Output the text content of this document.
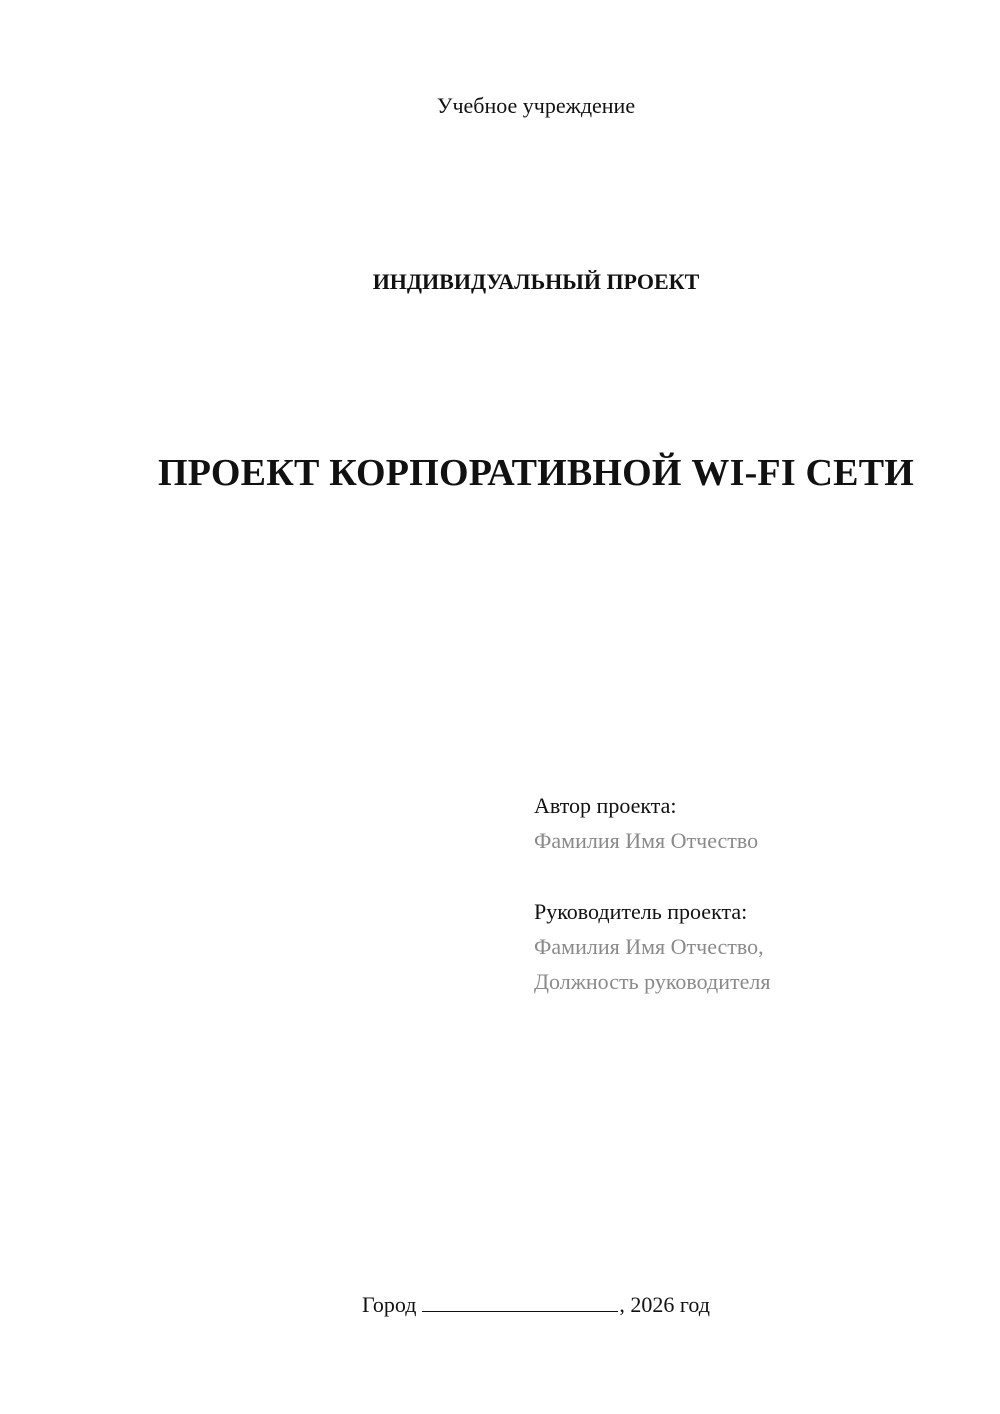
Учебное учреждение
ИНДИВИДУАЛЬНЫЙ ПРОЕКТ
ПРОЕКТ КОРПОРАТИВНОЙ WI-FI СЕТИ
Автор проекта:
Фамилия Имя Отчество
Руководитель проекта:
Фамилия Имя Отчество,
Должность руководителя
Город	, 2026 год
